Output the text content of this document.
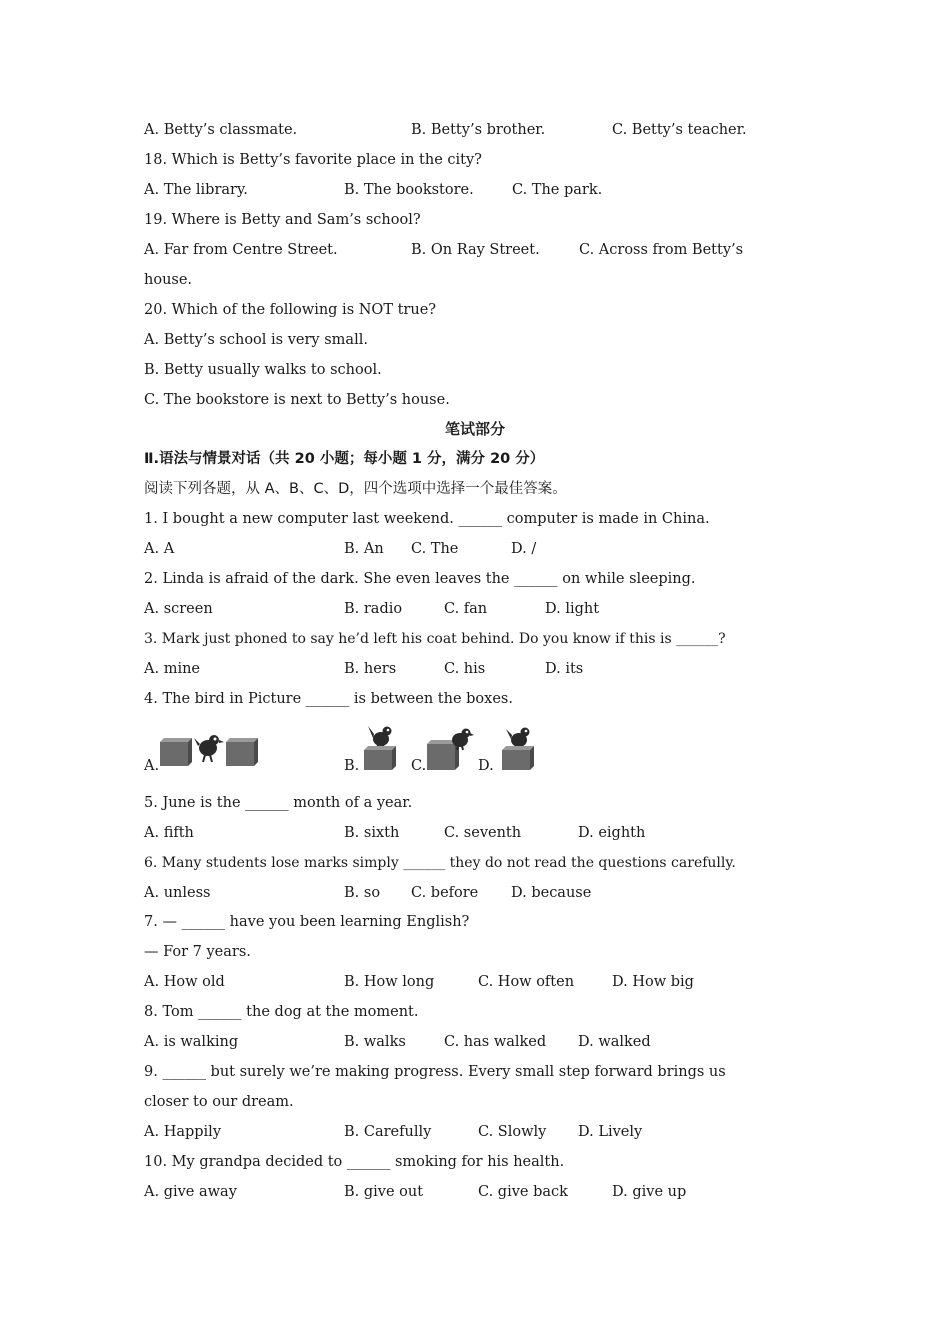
A. Betty’s classmate.	B. Betty’s brother.	C. Betty’s teacher.
18. Which is Betty’s favorite place in the city?
A. The library.	B. The bookstore.	C. The park.
19. Where is Betty and Sam’s school?
A. Far from Centre Street.	B. On Ray Street.	C. Across from Betty’s
house.
20. Which of the following is NOT true?
A. Betty’s school is very small.
B. Betty usually walks to school.
C. The bookstore is next to Betty’s house.
笔试部分
Ⅱ.语法与情景对话（共 20 小题；每小题 1 分，满分 20 分）
阅读下列各题，从 A、B、C、D，四个选项中选择一个最佳答案。
1. I bought a new computer last weekend. ______ computer is made in China.
A. A	B. An C. The	D. /
2. Linda is afraid of the dark. She even leaves the ______ on while sleeping.
A. screen	B. radio	C. fan	D. light
3. Mark just phoned to say he’d left his coat behind. Do you know if this is ______?
A. mine	B. hers	C. his	D. its
4. The bird in Picture ______ is between the boxes.
A.	B.	C.	D.
5. June is the ______ month of a year.
A. fifth	B. sixth	C. seventh	D. eighth
6. Many students lose marks simply ______ they do not read the questions carefully.
A. unless	B. so C. before D. because
7. — ______ have you been learning English?
— For 7 years.
A. How old	B. How long	C. How often	D. How big
8. Tom ______ the dog at the moment.
A. is walking	B. walks	C. has walked D. walked
9. ______ but surely we’re making progress. Every small step forward brings us
closer to our dream.
A. Happily	B. Carefully	C. Slowly D. Lively
10. My grandpa decided to ______ smoking for his health.
A. give away	B. give out	C. give back	D. give up
